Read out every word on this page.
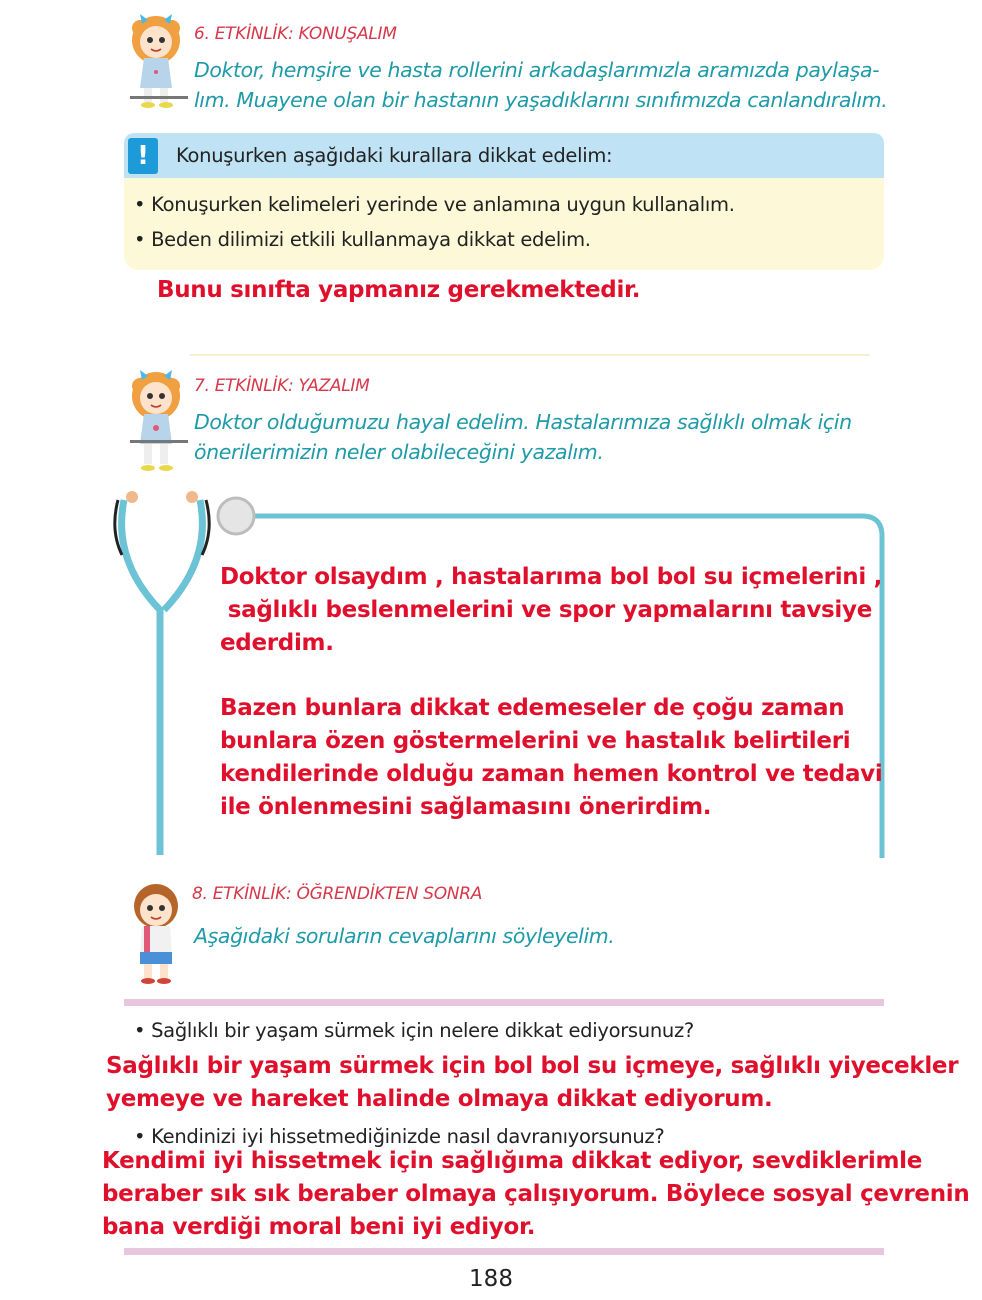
6. ETKİNLİK: KONUŞALIM
Doktor, hemşire ve hasta rollerini arkadaşlarımızla aramızda paylaşa-
lım. Muayene olan bir hastanın yaşadıklarını sınıfımızda canlandıralım.
!	Konuşurken aşağıdaki kurallara dikkat edelim:
• Konuşurken kelimeleri yerinde ve anlamına uygun kullanalım.
• Beden dilimizi etkili kullanmaya dikkat edelim.
Bunu sınıfta yapmanız gerekmektedir.
7. ETKİNLİK: YAZALIM
Doktor olduğumuzu hayal edelim. Hastalarımıza sağlıklı olmak için
önerilerimizin neler olabileceğini yazalım.
Doktor olsaydım , hastalarıma bol bol su içmelerini ,
sağlıklı beslenmelerini ve spor yapmalarını tavsiye
ederdim.
Bazen bunlara dikkat edemeseler de çoğu zaman
bunlara özen göstermelerini ve hastalık belirtileri
kendilerinde olduğu zaman hemen kontrol ve tedavi
ile önlenmesini sağlamasını önerirdim.
8. ETKİNLİK: ÖĞRENDİKTEN SONRA
Aşağıdaki soruların cevaplarını söyleyelim.
• Sağlıklı bir yaşam sürmek için nelere dikkat ediyorsunuz?
Sağlıklı bir yaşam sürmek için bol bol su içmeye, sağlıklı yiyecekler
yemeye ve hareket halinde olmaya dikkat ediyorum.
• Kendinizi iyi hissetmediğinizde nasıl davranıyorsunuz?
Kendimi iyi hissetmek için sağlığıma dikkat ediyor, sevdiklerimle
beraber sık sık beraber olmaya çalışıyorum. Böylece sosyal çevrenin
bana verdiği moral beni iyi ediyor.
188
